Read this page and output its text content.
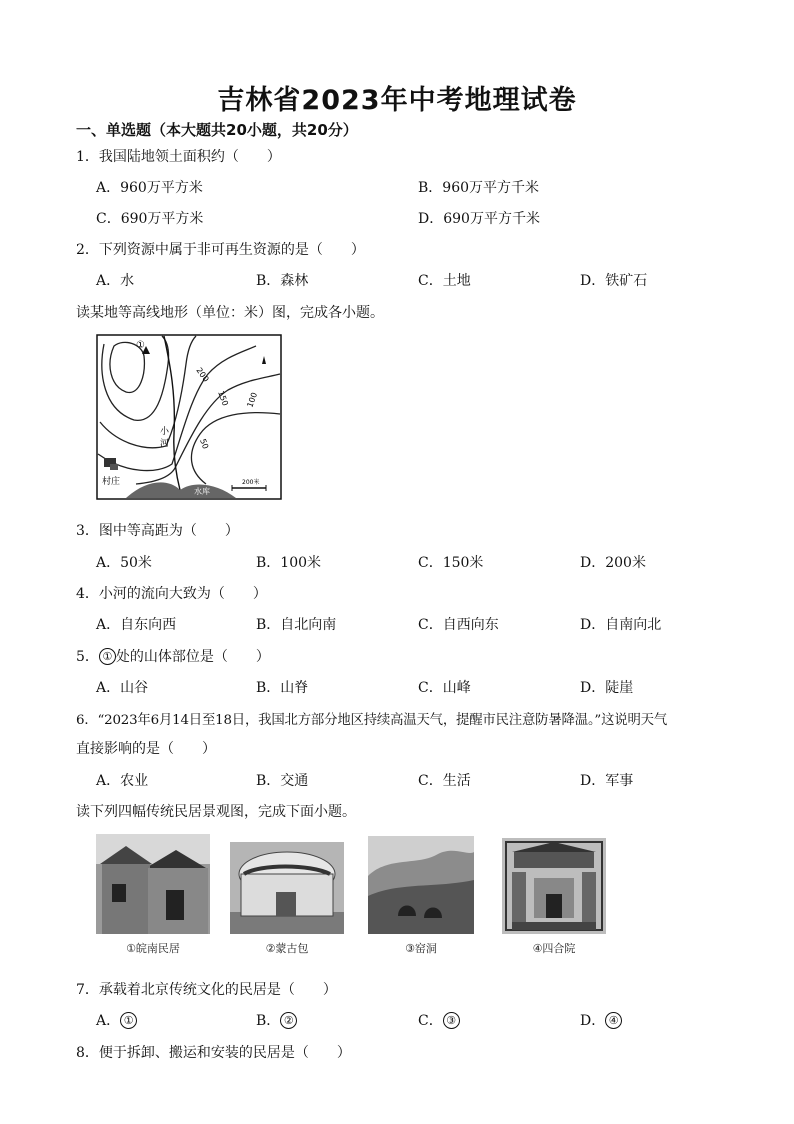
吉林省2023年中考地理试卷
一、单选题（本大题共20小题，共20分）
1．我国陆地领土面积约（　　）
A．960万平方米	B．960万平方千米
C．690万平方米	D．690万平方千米
2．下列资源中属于非可再生资源的是（　　）
A．水	B．森林	C．土地	D．铁矿石
读某地等高线地形（单位：米）图，完成各小题。
①
200
150 100
50
小
河
村庄
水库
200米
3．图中等高距为（　　）
A．50米	B．100米	C．150米	D．200米
4．小河的流向大致为（　　）
A．自东向西	B．自北向南	C．自西向东	D．自南向北
5． ① 处的山体部位是（　　）
A．山谷	B．山脊	C．山峰	D．陡崖
6．“2023年6月14日至18日，我国北方部分地区持续高温天气，提醒市民注意防暑降温。”这说明天气
直接影响的是（　　）
A．农业	B．交通	C．生活	D．军事
读下列四幅传统民居景观图，完成下面小题。
①皖南民居	②蒙古包	③窑洞	④四合院
7．承载着北京传统文化的民居是（　　）
A． ①	B． ②	C． ③	D． ④
8．便于拆卸、搬运和安装的民居是（　　）
